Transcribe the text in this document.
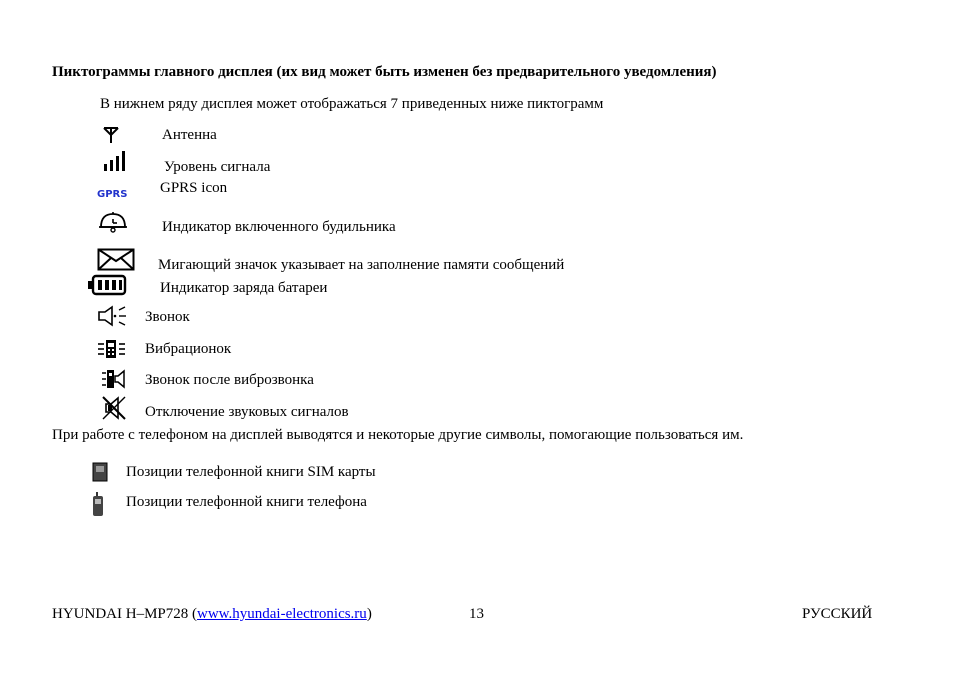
Пиктограммы главного дисплея (их вид может быть изменен без предварительного уведомления)
В нижнем ряду дисплея может отображаться 7 приведенных ниже пиктограмм
Антенна
Уровень сигнала
GPRS GPRS icon
Индикатор включенного будильника
Мигающий значок указывает на заполнение памяти сообщений
Индикатор заряда батареи
Звонок
Вибрационок
Звонок после виброзвонка
Отключение звуковых сигналов
При работе с телефоном на дисплей выводятся и некоторые другие символы, помогающие пользоваться им.
Позиции телефонной книги SIM карты
Позиции телефонной книги телефона
HYUNDAI H–MP728 (www.hyundai-electronics.ru)	13	РУССКИЙ
